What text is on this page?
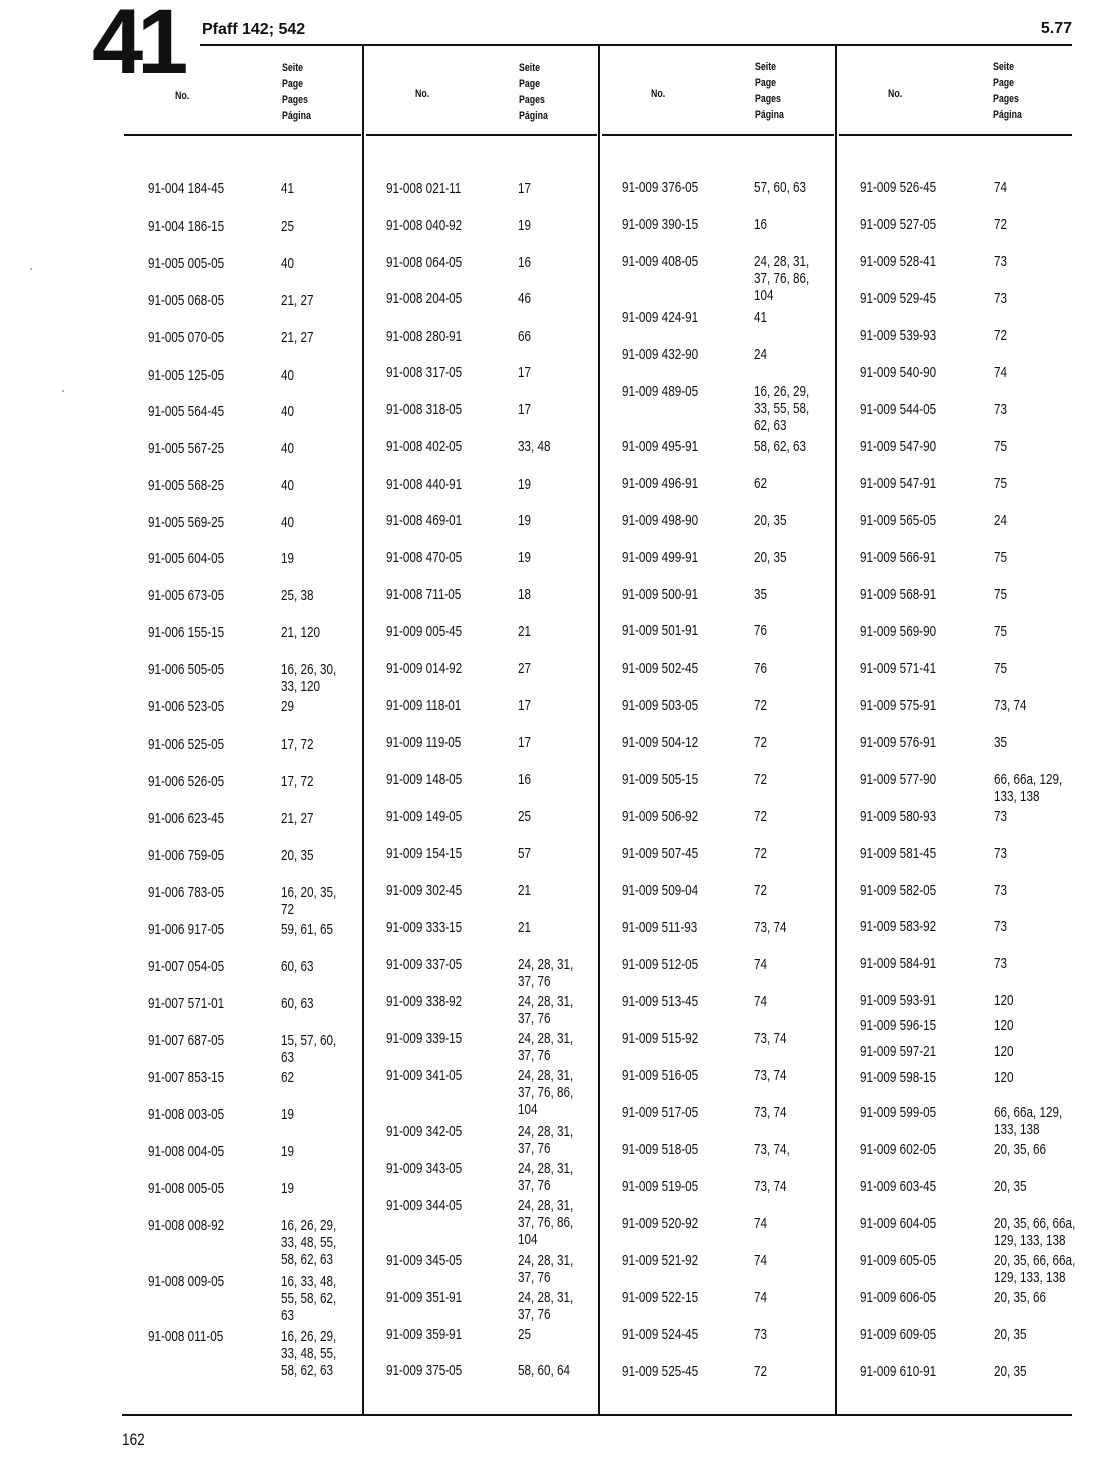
41 Pfaff 142; 542	5.77
No.
Seite
Page
Pages
Página
No.
Seite
Page
Pages
Página
No.
Seite
Page
Pages
Página
No.
Seite
Page
Pages
Página
91-004 184-45	41
91-004 186-15	25
91-005 005-05	40
91-005 068-05	21, 27
91-005 070-05	21, 27
91-005 125-05	40
91-005 564-45	40
91-005 567-25	40
91-005 568-25	40
91-005 569-25	40
91-005 604-05	19
91-005 673-05	25, 38
91-006 155-15	21, 120
91-006 505-05	16, 26, 30,
33, 120
91-006 523-05	29
91-006 525-05	17, 72
91-006 526-05	17, 72
91-006 623-45	21, 27
91-006 759-05	20, 35
91-006 783-05	16, 20, 35,
72
91-006 917-05	59, 61, 65
91-007 054-05	60, 63
91-007 571-01	60, 63
91-007 687-05	15, 57, 60,
63
91-007 853-15	62
91-008 003-05	19
91-008 004-05	19
91-008 005-05	19
91-008 008-92	16, 26, 29,
33, 48, 55,
58, 62, 63
91-008 009-05	16, 33, 48,
55, 58, 62,
63
91-008 011-05	16, 26, 29,
33, 48, 55,
58, 62, 63
91-008 021-11	17
91-008 040-92	19
91-008 064-05	16
91-008 204-05	46
91-008 280-91	66
91-008 317-05	17
91-008 318-05	17
91-008 402-05	33, 48
91-008 440-91	19
91-008 469-01	19
91-008 470-05	19
91-008 711-05	18
91-009 005-45	21
91-009 014-92	27
91-009 118-01	17
91-009 119-05	17
91-009 148-05	16
91-009 149-05	25
91-009 154-15	57
91-009 302-45	21
91-009 333-15	21
91-009 337-05	24, 28, 31,
37, 76
91-009 338-92	24, 28, 31,
37, 76
91-009 339-15	24, 28, 31,
37, 76
91-009 341-05	24, 28, 31,
37, 76, 86,
104
91-009 342-05	24, 28, 31,
37, 76
91-009 343-05	24, 28, 31,
37, 76
91-009 344-05	24, 28, 31,
37, 76, 86,
104
91-009 345-05	24, 28, 31,
37, 76
91-009 351-91	24, 28, 31,
37, 76
91-009 359-91	25
91-009 375-05	58, 60, 64
91-009 376-05	57, 60, 63
91-009 390-15	16
91-009 408-05	24, 28, 31,
37, 76, 86,
104
91-009 424-91	41
91-009 432-90	24
91-009 489-05	16, 26, 29,
33, 55, 58,
62, 63
91-009 495-91	58, 62, 63
91-009 496-91	62
91-009 498-90	20, 35
91-009 499-91	20, 35
91-009 500-91	35
91-009 501-91	76
91-009 502-45	76
91-009 503-05	72
91-009 504-12	72
91-009 505-15	72
91-009 506-92	72
91-009 507-45	72
91-009 509-04	72
91-009 511-93	73, 74
91-009 512-05	74
91-009 513-45	74
91-009 515-92	73, 74
91-009 516-05	73, 74
91-009 517-05	73, 74
91-009 518-05	73, 74,
91-009 519-05	73, 74
91-009 520-92	74
91-009 521-92	74
91-009 522-15	74
91-009 524-45	73
91-009 525-45	72
91-009 526-45	74
91-009 527-05	72
91-009 528-41	73
91-009 529-45	73
91-009 539-93	72
91-009 540-90	74
91-009 544-05	73
91-009 547-90	75
91-009 547-91	75
91-009 565-05	24
91-009 566-91	75
91-009 568-91	75
91-009 569-90	75
91-009 571-41	75
91-009 575-91	73, 74
91-009 576-91	35
91-009 577-90	66, 66a, 129,
133, 138
91-009 580-93	73
91-009 581-45	73
91-009 582-05	73
91-009 583-92	73
91-009 584-91	73
91-009 593-91	120
91-009 596-15	120
91-009 597-21	120
91-009 598-15	120
91-009 599-05	66, 66a, 129,
133, 138
91-009 602-05	20, 35, 66
91-009 603-45	20, 35
91-009 604-05	20, 35, 66, 66a,
129, 133, 138
91-009 605-05	20, 35, 66, 66a,
129, 133, 138
91-009 606-05	20, 35, 66
91-009 609-05	20, 35
91-009 610-91	20, 35
162
